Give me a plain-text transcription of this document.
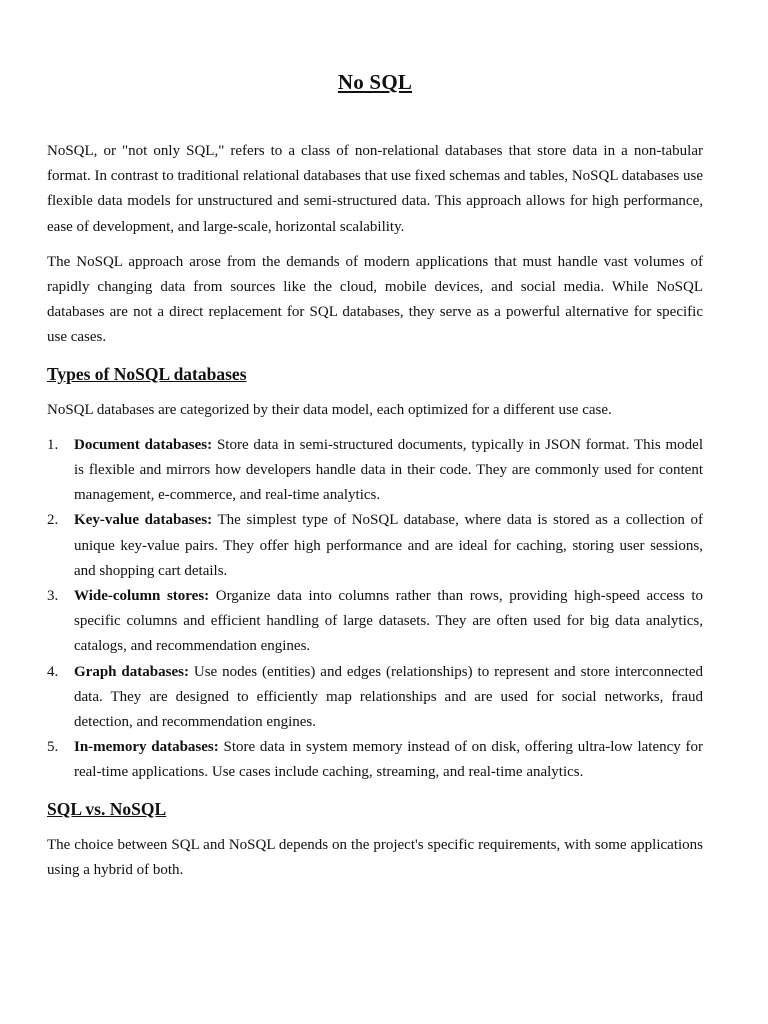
No SQL

NoSQL, or "not only SQL," refers to a class of non-relational databases that store data in a non-tabular format. In contrast to traditional relational databases that use fixed schemas and tables, NoSQL databases use flexible data models for unstructured and semi-structured data. This approach allows for high performance, ease of development, and large-scale, horizontal scalability.

The NoSQL approach arose from the demands of modern applications that must handle vast volumes of rapidly changing data from sources like the cloud, mobile devices, and social media. While NoSQL databases are not a direct replacement for SQL databases, they serve as a powerful alternative for specific use cases.

Types of NoSQL databases

NoSQL databases are categorized by their data model, each optimized for a different use case.

1. Document databases: Store data in semi-structured documents, typically in JSON format. This model is flexible and mirrors how developers handle data in their code. They are commonly used for content management, e-commerce, and real-time analytics.
2. Key-value databases: The simplest type of NoSQL database, where data is stored as a collection of unique key-value pairs. They offer high performance and are ideal for caching, storing user sessions, and shopping cart details.
3. Wide-column stores: Organize data into columns rather than rows, providing high-speed access to specific columns and efficient handling of large datasets. They are often used for big data analytics, catalogs, and recommendation engines.
4. Graph databases: Use nodes (entities) and edges (relationships) to represent and store interconnected data. They are designed to efficiently map relationships and are used for social networks, fraud detection, and recommendation engines.
5. In-memory databases: Store data in system memory instead of on disk, offering ultra-low latency for real-time applications. Use cases include caching, streaming, and real-time analytics.
SQL vs. NoSQL

The choice between SQL and NoSQL depends on the project's specific requirements, with some applications using a hybrid of both.
